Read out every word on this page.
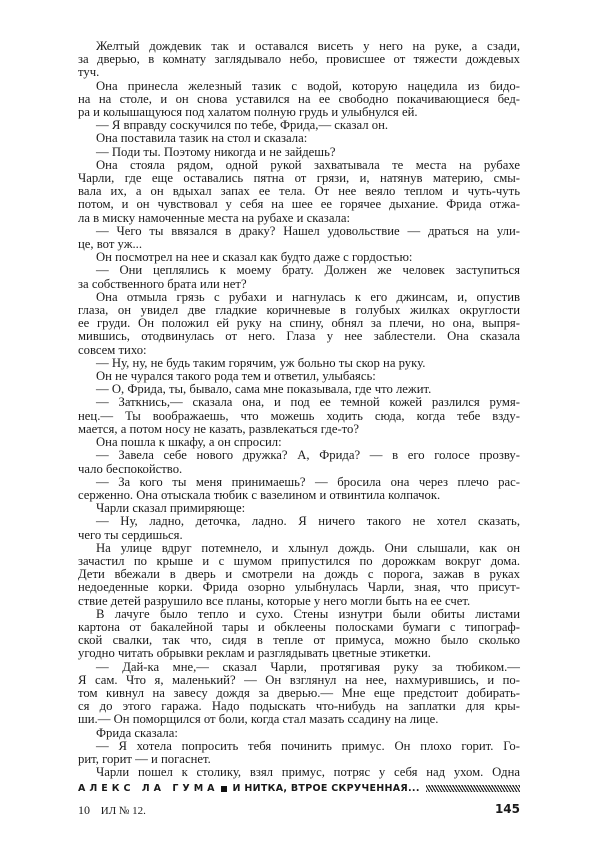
Желтый дождевик так и оставался висеть у него на руке, а сзади,
за дверью, в комнату заглядывало небо, провисшее от тяжести дождевых
туч.
Она принесла железный тазик с водой, которую нацедила из бидо-
на на столе, и он снова уставился на ее свободно покачивающиеся бед-
ра и колышащуюся под халатом полную грудь и улыбнулся ей.
— Я вправду соскучился по тебе, Фрида,— сказал он.
Она поставила тазик на стол и сказала:
— Поди ты. Поэтому никогда и не зайдешь?
Она стояла рядом, одной рукой захватывала те места на рубахе
Чарли, где еще оставались пятна от грязи, и, натянув материю, смы-
вала их, а он вдыхал запах ее тела. От нее веяло теплом и чуть-чуть
потом, и он чувствовал у себя на шее ее горячее дыхание. Фрида отжа-
ла в миску намоченные места на рубахе и сказала:
— Чего ты ввязался в драку? Нашел удовольствие — драться на ули-
це, вот уж...
Он посмотрел на нее и сказал как будто даже с гордостью:
— Они цеплялись к моему брату. Должен же человек заступиться
за собственного брата или нет?
Она отмыла грязь с рубахи и нагнулась к его джинсам, и, опустив
глаза, он увидел две гладкие коричневые в голубых жилках округлости
ее груди. Он положил ей руку на спину, обнял за плечи, но она, выпря-
мившись, отодвинулась от него. Глаза у нее заблестели. Она сказала
совсем тихо:
— Ну, ну, не будь таким горячим, уж больно ты скор на руку.
Он не чурался такого рода тем и ответил, улыбаясь:
— О, Фрида, ты, бывало, сама мне показывала, где что лежит.
— Заткнись,— сказала она, и под ее темной кожей разлился румя-
нец.— Ты воображаешь, что можешь ходить сюда, когда тебе взду-
мается, а потом носу не казать, развлекаться где-то?
Она пошла к шкафу, а он спросил:
— Завела себе нового дружка? А, Фрида? — в его голосе прозву-
чало беспокойство.
— За кого ты меня принимаешь? — бросила она через плечо рас-
серженно. Она отыскала тюбик с вазелином и отвинтила колпачок.
Чарли сказал примиряюще:
— Ну, ладно, деточка, ладно. Я ничего такого не хотел сказать,
чего ты сердишься.
На улице вдруг потемнело, и хлынул дождь. Они слышали, как он
зачастил по крыше и с шумом припустился по дорожкам вокруг дома.
Дети вбежали в дверь и смотрели на дождь с порога, зажав в руках
недоеденные корки. Фрида озорно улыбнулась Чарли, зная, что присут-
ствие детей разрушило все планы, которые у него могли быть на ее счет.
В лачуге было тепло и сухо. Стены изнутри были обиты листами
картона от бакалейной тары и обклеены полосками бумаги с типограф-
ской свалки, так что, сидя в тепле от примуса, можно было сколько
угодно читать обрывки реклам и разглядывать цветные этикетки.
— Дай-ка мне,— сказал Чарли, протягивая руку за тюбиком.—
Я сам. Что я, маленький? — Он взглянул на нее, нахмурившись, и по-
том кивнул на завесу дождя за дверью.— Мне еще предстоит добирать-
ся до этого гаража. Надо подыскать что-нибудь на заплатки для кры-
ши.— Он поморщился от боли, когда стал мазать ссадину на лице.
Фрида сказала:
— Я хотела попросить тебя починить примус. Он плохо горит. Го-
рит, горит — и погаснет.
Чарли пошел к столику, взял примус, потряс у себя над ухом. Одна
АЛЕКС ЛА ГУМА И НИТКА, ВТРОЕ СКРУЧЕННАЯ...
10 ИЛ № 12.	145
